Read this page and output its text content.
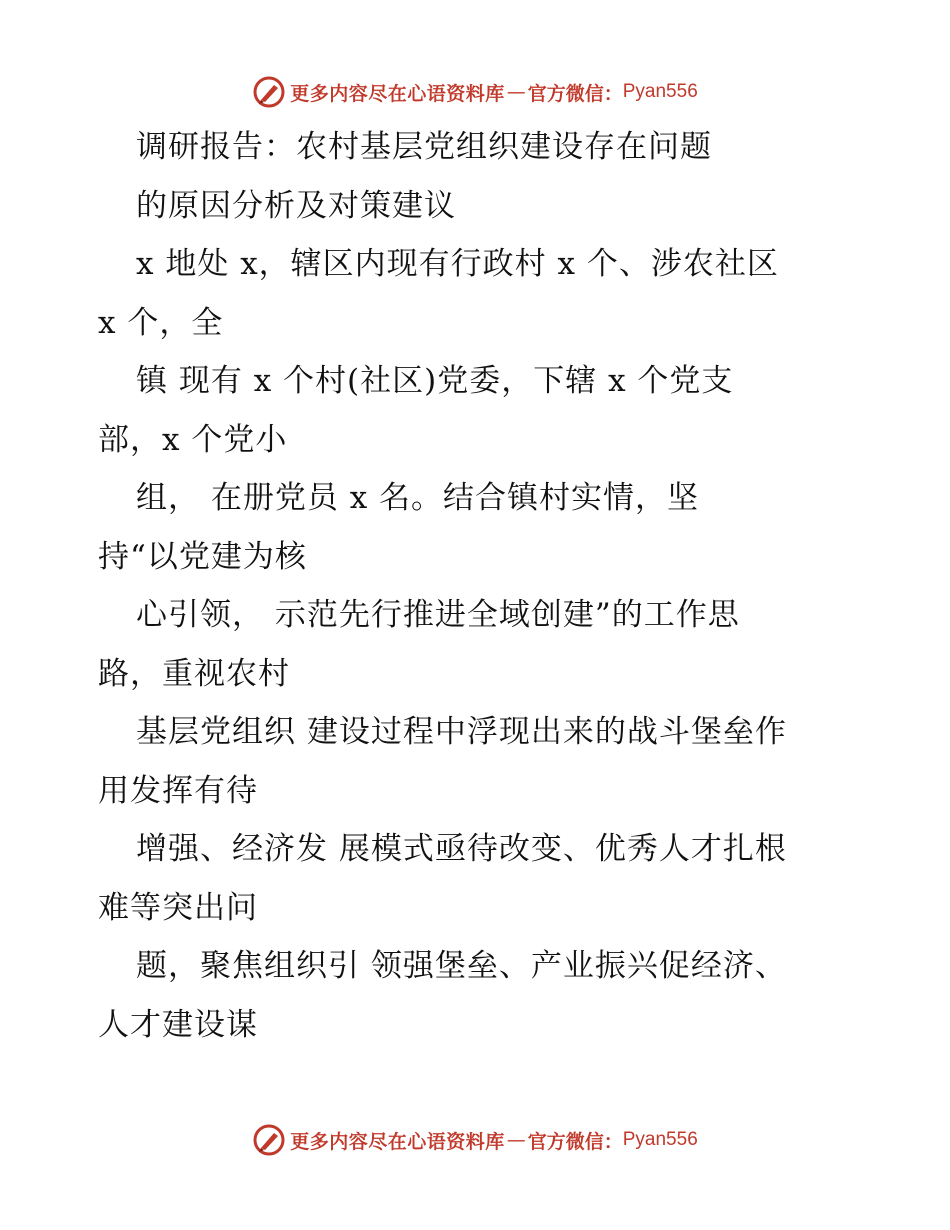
更多内容尽在心语资料库 — 官方微信： Pyan556
调研报告：农村基层党组织建设存在问题
的原因分析及对策建议
x 地处 x，辖区内现有行政村 x 个、涉农社区
x 个，全
镇 现有 x 个村(社区)党委，下辖 x 个党支
部，x 个党小
组， 在册党员 x 名。结合镇村实情，坚
持“以党建为核
心引领， 示范先行推进全域创建”的工作思
路，重视农村
基层党组织 建设过程中浮现出来的战斗堡垒作
用发挥有待
增强、经济发 展模式亟待改变、优秀人才扎根
难等突出问
题，聚焦组织引 领强堡垒、产业振兴促经济、
人才建设谋
更多内容尽在心语资料库 — 官方微信： Pyan556
